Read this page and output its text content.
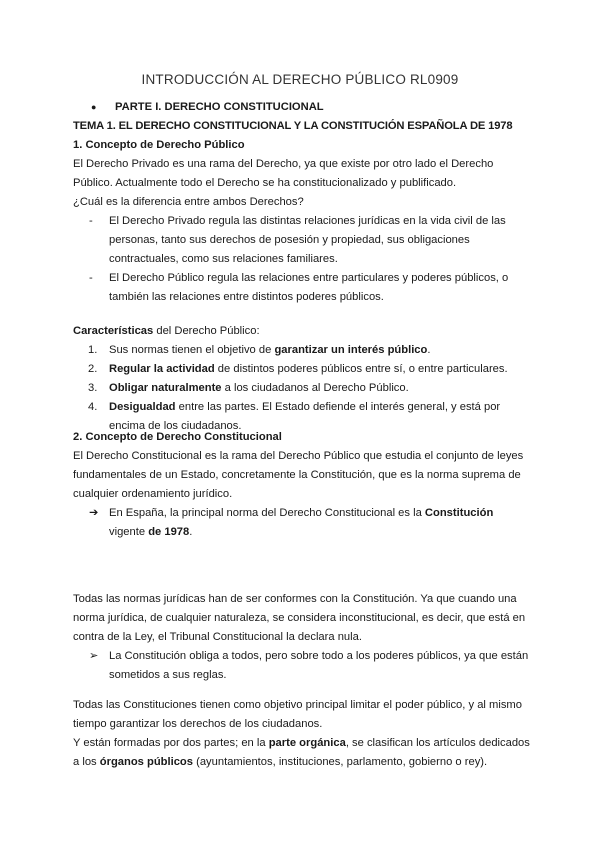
INTRODUCCIÓN AL DERECHO PÚBLICO RL0909
● PARTE I. DERECHO CONSTITUCIONAL
TEMA 1. EL DERECHO CONSTITUCIONAL Y LA CONSTITUCIÓN ESPAÑOLA DE 1978
1. Concepto de Derecho Público
El Derecho Privado es una rama del Derecho, ya que existe por otro lado el Derecho Público. Actualmente todo el Derecho se ha constitucionalizado y publificado.
¿Cuál es la diferencia entre ambos Derechos?
- El Derecho Privado regula las distintas relaciones jurídicas en la vida civil de las personas, tanto sus derechos de posesión y propiedad, sus obligaciones contractuales, como sus relaciones familiares.
- El Derecho Público regula las relaciones entre particulares y poderes públicos, o también las relaciones entre distintos poderes públicos.
Características del Derecho Público:
1. Sus normas tienen el objetivo de garantizar un interés público.
2. Regular la actividad de distintos poderes públicos entre sí, o entre particulares.
3. Obligar naturalmente a los ciudadanos al Derecho Público.
4. Desigualdad entre las partes. El Estado defiende el interés general, y está por encima de los ciudadanos.
2. Concepto de Derecho Constitucional
El Derecho Constitucional es la rama del Derecho Público que estudia el conjunto de leyes fundamentales de un Estado, concretamente la Constitución, que es la norma suprema de cualquier ordenamiento jurídico.
➔ En España, la principal norma del Derecho Constitucional es la Constitución
vigente de 1978.
Todas las normas jurídicas han de ser conformes con la Constitución. Ya que cuando una norma jurídica, de cualquier naturaleza, se considera inconstitucional, es decir, que está en contra de la Ley, el Tribunal Constitucional la declara nula.
➢ La Constitución obliga a todos, pero sobre todo a los poderes públicos, ya que están sometidos a sus reglas.
Todas las Constituciones tienen como objetivo principal limitar el poder público, y al mismo tiempo garantizar los derechos de los ciudadanos.
Y están formadas por dos partes; en la parte orgánica, se clasifican los artículos dedicados a los órganos públicos (ayuntamientos, instituciones, parlamento, gobierno o rey).
